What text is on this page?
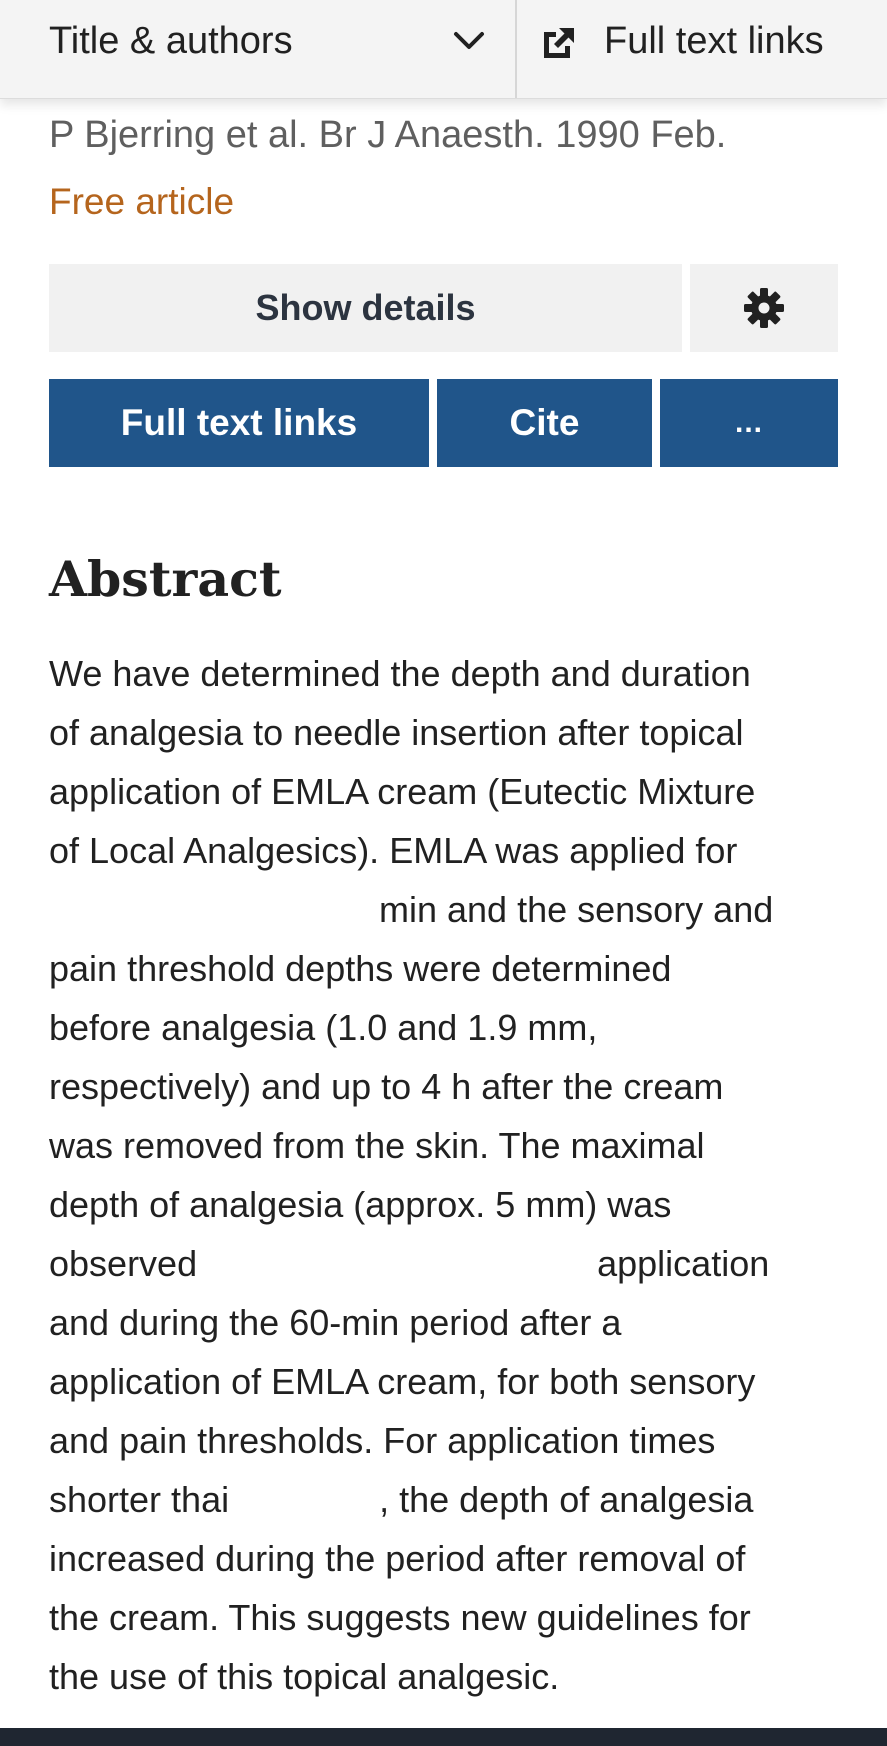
Title & authors	Full text links
P Bjerring et al. Br J Anaesth. 1990 Feb.
Free article
Show details
Full text links	Cite	...
Abstract
We have determined the depth and duration
of analgesia to needle insertion after topical
application of EMLA cream (Eutectic Mixture
of Local Analgesics). EMLA was applied for
min and the sensory and
pain threshold depths were determined
before analgesia (1.0 and 1.9 mm,
respectively) and up to 4 h after the cream
was removed from the skin. The maximal
depth of analgesia (approx. 5 mm) was
observed	application
and during the 60-min period after a
application of EMLA cream, for both sensory
and pain thresholds. For application times
shorter thai	, the depth of analgesia
increased during the period after removal of
the cream. This suggests new guidelines for
the use of this topical analgesic.
